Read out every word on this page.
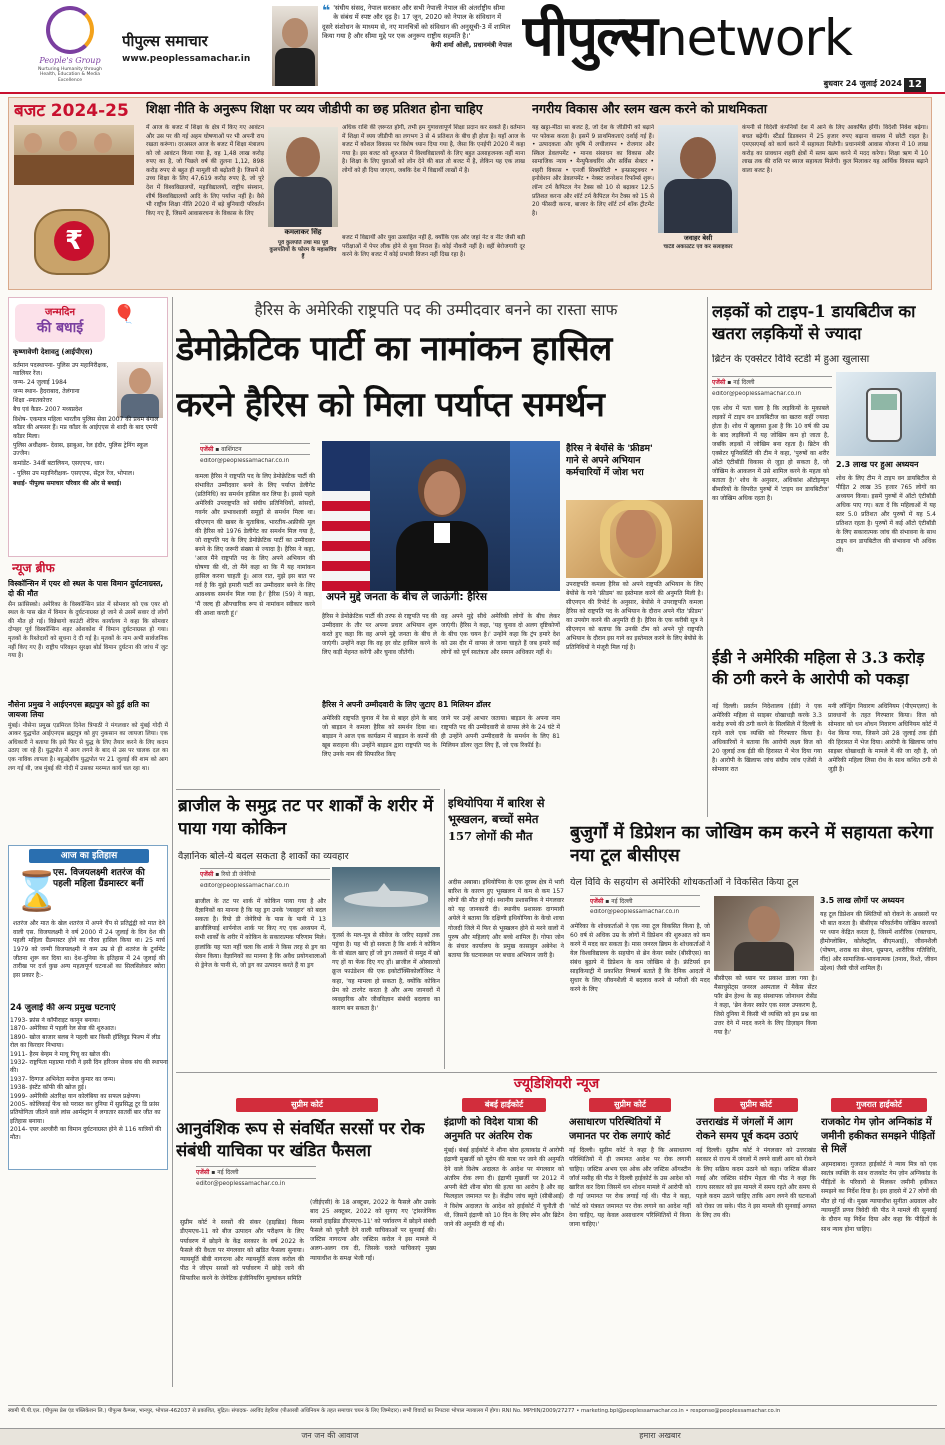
People's Group
Nurturing Humanity through Health, Education & Media Excellence
पीपुल्स समाचार
www.peoplessamachar.in
❝ 'संघीय संसद, नेपाल सरकार और सभी नेपाली नेपाल की अंतर्राष्ट्रीय सीमा के संबंध में स्पष्ट और दृढ़ है। 17 जून, 2020 को नेपाल के संविधान में दूसरे संशोधन के माध्यम से, नए मानचित्रों को संविधान की अनुसूची-3 में शामिल किया गया है और सीमा मुद्दे पर एक अनुरूप राष्ट्रीय सहमति है।'
केपी शर्मा ओली, प्रधानमंत्री नेपाल पीपुल्सnetwork
बुधवार 24 जुलाई 2024 12
बजट 2024-25
₹
शिक्षा नीति के अनुरूप शिक्षा पर व्यय जीडीपी का छह प्रतिशत होना चाहिए
में आज के बजट में शिक्षा के क्षेत्र में किए गए आवंटन और उस पर की गई अहम घोषणाओं पर भी अपनी राय रखता करूंगा। दरअसल आज के बजट में शिक्षा मंत्रालय को जो आवंटन किया गया है, वह 1,48 लाख करोड़ रुपए का है, जो पिछले वर्ष की तुलना 1,12, 898 करोड़ रुपए से बहुत ही मामूली सी बढ़ोतरी है। जिसमें से उच्च शिक्षा के लिए 47,619 करोड़ रुपए है, जो पूरे देश में विश्वविद्यालयों, महाविद्यालयों, राष्ट्रीय संस्थान, शीर्ष विश्वविद्यालयों आदि के लिए पर्याप्त नहीं है। वैसे भी राष्ट्रीय शिक्षा नीति 2020 में बड़े बुनियादी परिवर्तन किए गए हैं, जिसमें आवासरचना के विकास के लिए
कमलाकर सिंह
पूर्व कुलपति तथा मप्र पूर्व कुलपतियों के फोरम के महासचिव हैं
अधिक राशि की ज़रूरत होगी, तभी हम गुणवत्तापूर्ण शिक्षा प्रदान कर सकते हैं। वर्तमान में शिक्षा में व्यय जीडीपी का लगभग 3 से 4 प्रतिशत के बीच ही होता है। यहाँ आज के बजट में कौशल विकास पर विशेष ध्यान दिया गया है, जैसा कि एनईपी 2020 में कहा गया है। इस बजट को शुरुआत में विश्वविद्यालयों के लिए बहुत उत्साहजनक नहीं माना है। शिक्षा के लिए युवाओं को लोन देने की बात तो बजट में है, लेकिन यह एक लाख लोगों को ही दिया जाएगा, जबकि देश में विद्यार्थी लाखों में है।
बजट में विद्यार्थी और युवा उत्साहित नहीं है, क्योंकि एक ओर जहां नेट व नीट जैसी बड़ी परीक्षाओं में पेपर लीक होने से युवा निराश हैं। कोई नौकरी नहीं है। वहीं बेरोजगारी दूर करने के लिए बजट में कोई प्रभावी विजन नहीं दिख रहा है।
नगरीय विकास और स्लम खत्म करने को प्राथमिकता
यह खट्टा-मीठा सा बजट है, जो देश के जीडीपी को बढ़ाने पर फोकस करता है। इसमें 9 प्राथमिकताएं दर्शाई गई हैं। • उत्पादकता और कृषि में लचीलापन • रोजगार और स्किल डेवलपमेंट • मानव संसाधन का विकास और सामाजिक न्याय • मैन्युफैक्चरिंग और सर्विस सेक्टर • शहरी विकास • एनर्जी सिक्योरिटी • इन्फ्रास्ट्रक्चर • इनोवेशन और डेवलपमेंट • नेक्स्ट जनरेशन रिफॉर्म्स शुरू। लॉन्ग टर्म कैपिटल गेन टैक्स को 10 से बढ़ाकर 12.5 प्रतिशत करना और शॉर्ट टर्म कैपिटल गेन टैक्स को 15 से 20 फीसदी करना, बाजार के लिए शॉर्ट टर्म शॉक ट्रीटमेंट है।
जवाहर बेसी
चार्टर्ड अकाउंटेंट एवं कर सलाहकार
कंपनी से विदेशी कंपनियों देश में आने के लिए आकर्षित होंगी। विदेशी निवेश बढ़ेगा। बचत बढ़ेगी। स्टैंडर्ड डिडक्शन में 25 हजार रुपए बढ़ाना वास्तव में छोटी राहत है। एमएसएमई को कार्य करने में सहायता मिलेगी। प्रधानमंत्री आवास योजना में 10 लाख करोड़ का प्रावधान शहरी क्षेत्रों में स्लम खत्म करने में मदद करेगा। शिक्षा ऋण में 10 लाख तक की राशि पर ब्याज सहायता मिलेगी। कुल मिलाकर यह आर्थिक विकास बढ़ाने वाला बजट है।
जन्मदिन
की बधाई
🎈
कृष्णावेणी देशावतु (आईपीएस)
वर्तमान पदस्थापना- पुलिस उप महानिरीक्षक, ग्वालियर रेंज।
जन्म- 24 जुलाई 1984
जन्म स्थान- हैदराबाद, तेलंगाना
शिक्षा -स्नातकोत्तर
बैच एवं कैडर- 2007 मध्यप्रदेश
विशेष- एकमात्र महिला भारतीय पुलिस सेवा 2007 की प्रथम बंगाल कॉडर की अफसर हैं। मप्र कॉडर के आईएएस से शादी के बाद एमपी कॉडर मिला।
पुलिस अधीक्षक- देवास, झाबुआ, रेल इंदौर, पुलिस ट्रेनिंग स्कूल उज्जैन।
कमांडेंट- 34वीं बटालियन, एसएएफ, धार।
- पुलिस उप महानिरीक्षक- एसएएफ, सेंट्रल रेंज, भोपाल।
बधाई- पीपुल्स समाचार परिवार की ओर से बधाई।
न्यूज ब्रीफ
विस्कॉन्सिन में एयर शो स्थल के पास विमान दुर्घटनाग्रस्त, दो की मौत
सैन फ्रांसिस्को। अमेरिका के विस्कॉन्सिन प्रांत में सोमवार को एक एयर शो स्थल के पास खेत में विमान के दुर्घटनाग्रस्त हो जाने से उसमें सवार दो लोगों की मौत हो गई। विन्नेबागो काउंटी शेरिफ कार्यालय ने कहा कि सोमवार दोपहर पूर्व विस्कॉन्सिन शहर ओशकोश में विमान दुर्घटनाग्रस्त हो गया। मृतकों के रिश्तेदारों को सूचना दे दी गई है। मृतकों के नाम अभी सार्वजनिक नहीं किए गए हैं। राष्ट्रीय परिवहन सुरक्षा बोर्ड विमान दुर्घटना की जांच में जुट गया है।
नौसेना प्रमुख ने आईएनएस ब्रह्मपुत्र को हुई क्षति का जायजा लिया
मुंबई। नौसेना प्रमुख एडमिरल दिनेश त्रिपाठी ने मंगलवार को मुंबई गोदी में आकर युद्धपोत आईएनएस ब्रह्मपुत्र को हुए नुकसान का जायजा लिया। एक अधिकारी ने बताया कि इसे फिर से युद्ध के लिए तैयार करने के लिए कदम उठाए जा रहे हैं। युद्धपोत में आग लगने के बाद से उस पर चालक दल का एक नाविक लापता है। बहुउद्देशीय युद्धपोत पर 21 जुलाई की शाम को आग लग गई थी, जब मुंबई की गोदी में उसका मरम्मत कार्य चल रहा था।
आज का इतिहास
⌛
एस. विजयलक्ष्मी शतरंज की पहली महिला ग्रैंडमास्टर बनीं
शतरंज और मात के खेल शतरंज में अपने चैंप से प्रतिद्वंद्वी को मात देने वाली एस. विजयलक्ष्मी ने वर्ष 2000 में 24 जुलाई के दिन देश की पहली महिला ग्रैंडमास्टर होने का गौरव हासिल किया था। 25 मार्च 1979 को जन्मी विजयलक्ष्मी ने कम उम्र से ही शतरंज के टूर्नामेंट जीतना शुरू कर दिया था। देश-दुनिया के इतिहास में 24 जुलाई की तारीख पर दर्ज कुछ अन्य महत्वपूर्ण घटनाओं का सिलसिलेवार ब्योरा इस प्रकार है:-
24 जुलाई की अन्य प्रमुख घटनाएं
1793- फ्रांस ने कॉपीराइट कानून बनाया।
1870- अमेरिका में पहली रेल सेवा की शुरुआत।
1890- खोज बाजार बलब ने पहली बार किसी हॉलिवुड फिल्म में लीड रोल का किरदार निभाया।
1911- हैरम बेन्हम ने माचू पिचू का खोज की।
1932- राष्ट्रपिता महात्मा गांधी ने इसी दिन हरिजन सेवक संघ की स्थापना की।
1937- दिग्गज अभिनेता मनोज कुमार का जन्म।
1938- इंस्टेंट कॉफी की खोज हुई।
1999- अमेरिकी अंतरिक्ष यान कोलंबिया का सफल प्रक्षेपण।
2005- कोलिकाई फेंच को परास्त कर दुनिया में सुप्रसिद्ध टूर डि फ्रांस प्रतियोगिता जीतने वाले लांस आर्मस्ट्रांग ने लगातार सातवीं बार जीत का इतिहास बनाया।
2014- एयर अल्जीरी का विमान दुर्घटनाग्रस्त होने से 116 यात्रियों की मौत।
हैरिस के अमेरिकी राष्ट्रपति पद की उम्मीदवार बनने का रास्ता साफ
डेमोक्रेटिक पार्टी का नामांकन हासिल
करने हैरिस को मिला पर्याप्त समर्थन
एजेंसी ▪ वाशिंगटन
editor@peoplessamachar.co.in
कमला हैरिस ने राष्ट्रपति पद के लिए डेमोक्रेटिक पार्टी की संभावित उम्मीदवार बनने के लिए पर्याप्त डेलीगेट (प्रतिनिधि) का समर्थन हासिल कर लिया है। इससे पहले अमेरिकी उपराष्ट्रपति को संघीय प्रतिनिधियों, सांसदों, गवर्नर और प्रभावशाली समूहों से समर्थन मिला था। सीएनएन की खबर के मुताबिक, भारतीय-अफ्रीकी मूल की हैरिस को 1976 डेलीगेट का समर्थन मिल गया है, जो राष्ट्रपति पद के लिए डेमोक्रेटिक पार्टी का उम्मीदवार बनने के लिए जरूरी संख्या से ज्यादा है। हैरिस ने कहा, 'आज मैंने राष्ट्रपति पद के लिए अपने अभियान की घोषणा की थी, तो मैंने कहा था कि मैं यह नामांकन हासिल करना चाहती हूं। आज रात, मुझे इस बात पर गर्व है कि मुझे हमारी पार्टी का उम्मीदवार बनने के लिए आवश्यक समर्थन मिल गया है।' हैरिस (59) ने कहा, 'मैं जल्द ही औपचारिक रूप से नामांकन स्वीकार करने की आशा करती हूं।'
अपने मुद्दे जनता के बीच ले जाऊंगी: हैरिस
हैरिस ने डेमोक्रेटिक पार्टी की तरफ से राष्ट्रपति पद की उम्मीदवार के तौर पर अपना प्रचार अभियान शुरू करते हुए कहा कि वह अपने मुद्दे जनता के बीच ले जाएंगी। उन्होंने कहा कि वह हर वोट हासिल करने के लिए कड़ी मेहनत करेंगी और चुनाव जीतेंगी।
वह अपने मुद्दे सीधे अमेरिकी लोगों के बीच लेकर जाएंगी। हैरिस ने कहा, 'यह चुनाव दो अलग दृष्टिकोणों के बीच एक चयन है।' उन्होंने कहा कि ट्रंप हमारे देश को उस दौर में वापस ले जाना चाहते हैं जब हमारे कई लोगों को पूर्ण स्वतंत्रता और समान अधिकार नहीं थे।
हैरिस ने अपनी उम्मीदवारी के लिए जुटाए 81 मिलियन डॉलर
अमेरिकी राष्ट्रपति चुनाव में रेस से बाहर होने के बाद जो बाइडन ने कमला हैरिस को समर्थन दिया था। बाइडन ने आज एक कार्यक्रम में बाइडन के कामों की खूब सराहना की। उन्होंने बाइडन द्वारा राष्ट्रपति पद के लिए उनके नाम की सिफारिश किए
जाने पर उन्हें आभार जताया। बाइडन के अपना नाम राष्ट्रपति पद की उम्मीदवारी से वापस लेने के 24 घंटे में ही उन्होंने अपनी उम्मीदवारी के समर्थन के लिए 81 मिलियन डॉलर जुटा लिए हैं, जो एक रिकॉर्ड है।
हैरिस ने बेयोंसे के 'फ्रीडम' गाने से अपने अभियान कर्मचारियों में जोश भरा
उपराष्ट्रपति कमला हैरिस को अपने राष्ट्रपति अभियान के लिए बेयोंसे के गाने 'फ्रीडम' का इस्तेमाल करने की अनुमति मिली है। सीएनएन की रिपोर्ट के अनुसार, बेयोंसे ने उपराष्ट्रपति कमला हैरिस को राष्ट्रपति पद के अभियान के दौरान अपने गीत 'फ्रीडम' का उपयोग करने की अनुमति दी है। हैरिस के एक करीबी सूत्र ने सीएनएन को बताया कि उनकी टीम को अपने पूरे राष्ट्रपति अभियान के दौरान इस गाने का इस्तेमाल करने के लिए बेयोंसे के प्रतिनिधियों ने मंजूरी मिल गई है।
लड़कों को टाइप-1 डायबिटीज का खतरा लड़कियों से ज्यादा
ब्रिटेन के एक्सेटर विवि स्टडी में हुआ खुलासा
एजेंसी ▪ नई दिल्ली
editor@peoplessamachar.co.in
एक शोध में पता चला है कि लड़कियों के मुकाबले लड़कों में टाइप वन डायबिटीज का खतरा कहीं ज्यादा होता है। शोध में खुलासा हुआ है कि 10 वर्ष की उम्र के बाद लड़कियों में यह जोखिम कम हो जाता है, जबकि लड़कों में जोखिम बना रहता है। ब्रिटेन की एक्सेटर यूनिवर्सिटी की टीम ने कहा, 'पुरुषों का शरीर ऑटो एंटीबॉडी विकास से जुड़ा हो सकता है, जो जोखिम के आकलन में उसे शामिल करने के महत्व को बताता है।' शोध के अनुसार, अधिकांश ऑटोइम्यून बीमारियों के विपरीत पुरुषों में 'टाइप वन डायबिटीज' का जोखिम अधिक रहता है।
2.3 लाख पर हुआ अध्ययन
शोध के लिए टीम ने टाइप वन डायबिटीज से पीड़ित 2 लाख 35 हजार 765 लोगों का अध्ययन किया। इसमें पुरुषों में ऑटो एंटीबॉडी अधिक पाए गए। बता दें कि महिलाओं में यह स्तर 5.0 प्रतिशत और पुरुषों में यह 5.4 प्रतिशत रहता है। पुरुषों में कई ऑटो एंटीबॉडी के लिए सकारात्मक जांच की संभावना के साथ टाइप वन डायबिटीज की संभावना भी अधिक थी।
ईडी ने अमेरिकी महिला से 3.3 करोड़ की ठगी करने के आरोपी को पकड़ा
नई दिल्ली। प्रवर्तन निदेशालय (ईडी) ने एक अमेरिकी महिला से साइबर धोखाधड़ी करके 3.3 करोड़ रुपये की ठगी करने के सिलसिले में दिल्ली के रहने वाले एक व्यक्ति को गिरफ्तार किया है। अधिकारियों ने बताया कि आरोपी लक्ष्य विज को 20 जुलाई तक ईडी की हिरासत में भेज दिया गया है। आरोपी के खिलाफ जांच संघीय जांच एजेंसी ने सोमवार रात
मनी लॉन्ड्रिंग निवारण अधिनियम (पीएमएलए) के प्रावधानों के तहत गिरफ्तार किया। विज को सोमवार को धन शोधन निवारण अधिनियम कोर्ट में पेश किया गया, जिसने उसे 28 जुलाई तक ईडी की हिरासत में भेज दिया। आरोपी के खिलाफ जांच साइबर धोखाधड़ी के मामले में की जा रही है, जो अमेरिकी महिला लिसा रोथ के साथ कथित ठगी से जुड़ी है।
ब्राजील के समुद्र तट पर शार्कों के शरीर में पाया गया कोकिन
वैज्ञानिक बोले-ये बदल सकता है शार्कों का व्यवहार
एजेंसी ▪ रियो डी जेनेरियो
editor@peoplessamachar.co.in
ब्राजील के तट पर शार्क में कोकिन पाया गया है और वैज्ञानिकों का मानना है कि यह ड्रग उनके 'व्यवहार' को बदल सकता है। रियो डी जेनेरियो के पास के पानी में 13 ब्राजीलियाई शार्पनोज शार्क पर किए गए एक अध्ययन में, सभी शार्कों के शरीर में कोकिन के सकारात्मक परिणाम मिले। हालांकि यह पता नहीं चला कि शार्क ने किस तरह से ड्रग का सेवन किया। वैज्ञानिकों का मानना है कि अवैध प्रयोगशालाओं से ड्रेनेज के पानी से, जो ड्रग का उत्पादन करते हैं या ड्रग
यूजर्स के मल-मूत्र से सीवेज के जरिए सड़कों तक पहुंचा है। यह भी हो सकता है कि शार्क ने कोकिन के वो बंडल खाए हों जो ड्रग तस्करों से समुद्र में खो गए हों या फेंक दिए गए हों। ब्राजील में ओस्वाल्डो क्रूज फाउंडेशन की एक इकोटॉक्सिकोलॉजिस्ट ने कहा, 'यह मामला हो सकता है, क्योंकि कोकिन प्रेम को टारगेट करता है और अन्य जानवरों में व्यवहारिक और जीवविज्ञान संबंधी बदलाव का कारण बन सकता है।'
इथियोपिया में बारिश से भूस्खलन, बच्चों समेत 157 लोगों की मौत
अदीस अबाबा। इथियोपिया के एक दूरस्थ क्षेत्र में भारी बारिश के कारण हुए भूस्खलन में कम से कम 157 लोगों की मौत हो गई। स्थानीय प्रशासनिक ने मंगलवार को यह जानकारी दी। स्थानीय प्रशासक दागमावी अयेले ने बताया कि दक्षिणी इथियोपिया के केंचो शाचा गोजदी जिले में फिर से भूस्खलन होने से मरने वालों में पुरुष और महिलाएं और बच्चे शामिल हैं। गोफा जोन के संचार कार्यालय के प्रमुख कासाहुन अबेनेश ने बताया कि घटनास्थल पर बचाव अभियान जारी है।
बुजुर्गों में डिप्रेशन का जोखिम कम करने में सहायता करेगा नया टूल बीसीएस
येल विवि के सहयोग से अमेरिकी शोधकर्ताओं ने विकसित किया टूल
एजेंसी ▪ नई दिल्ली
editor@peoplessamachar.co.in
अमेरिका के शोधकर्ताओं ने एक नया टूल विकसित किया है, जो 60 वर्ष से अधिक उम्र के लोगों में डिप्रेशन की शुरुआत को कम करने में मदद कर सकता है। मास जनरल ब्रिघम के शोधकर्ताओं ने येल विश्वविद्यालय के सहयोग से ब्रेन केयर स्कोर (बीसीएस) का संबंध बुढ़ापे में डिप्रेशन के कम जोखिम से है। फ्रंटियर्स इन साइकियाट्री में प्रकाशित निष्कर्ष बताते हैं कि दैनिक आदतों में सुधार के लिए जीवनशैली में बदलाव करने से मरीजों की मदद करने के लिए
बीसीएस को ध्यान पर प्रकाश डाला गया है। मैसाचुसेट्स जनरल अस्पताल में मैकेंस सेंटर फॉर ब्रेन हेल्थ के सह संस्थापक जोनाथन रोसेंड ने कहा, 'ब्रेन केयर स्कोर एक सरल उपकरण है, जिसे दुनिया में किसी भी व्यक्ति को हम प्रश्न का उत्तर देने में मदद करने के लिए डिज़ाइन किया गया है।'
3.5 लाख लोगों पर अध्ययन
यह टूल डिप्रेशन की स्थितियों को रोकने के अवसरों पर भी बात करता है। बीसीएस परिवर्तनीय जोखिम कारकों पर ध्यान केंद्रित करता है, जिसमें शारीरिक (रक्तचाप, हीमोग्लोबिन, कोलेस्ट्रॉल, बीएमआई), जीवनशैली (पोषण, शराब का सेवन, धूम्रपान, शारीरिक गतिविधि, नींद) और सामाजिक-भावनात्मक (तनाव, रिश्ते, जीवन उद्देश्य) जैसी चीजें शामिल हैं।
ज्यूडिशियरी न्यूज
सुप्रीम कोर्ट
आनुवंशिक रूप से संवर्धित सरसों पर रोक संबंधी याचिका पर खंडित फैसला
एजेंसी ▪ नई दिल्ली
editor@peoplessamachar.co.in
सुप्रीम कोर्ट ने सरसों की संकर (हाइब्रिड) किस्म डीएमएच-11 को बीज उत्पादन और परीक्षण के लिए पर्यावरण में छोड़ने के केंद्र सरकार के वर्ष 2022 के फैसले की वैधता पर मंगलवार को खंडित फैसला सुनाया। न्यायमूर्ति बीवी नागरत्ना और न्यायमूर्ति संजय करोल की पीठ ने जीएम सरसों को पर्यावरण में छोड़े जाने की सिफारिश करने के जेनेटिक इंजीनियरिंग मूल्यांकन समिति
(जीईएसी) के 18 अक्टूबर, 2022 के फैसले और उसके बाद 25 अक्टूबर, 2022 को सुनाए गए 'ट्रांसजेनिक सरसों हाइब्रिड डीएमएच-11' को पर्यावरण में छोड़ने संबंधी फैसले को चुनौती देने वाली याचिकाओं पर सुनवाई की। जस्टिस नागरत्ना और जस्टिस करोल ने इस मामले में अलग-अलग राय दी, जिसके चलते याचिकाएं मुख्य न्यायाधीश के समक्ष भेजी गईं।
बंबई हाईकोर्ट
इंद्राणी को विदेश यात्रा की अनुमति पर अंतरिम रोक
मुंबई। बंबई हाईकोर्ट ने शीना बोरा हत्याकांड में आरोपी इंद्राणी मुखर्जी को यूरोप की यात्रा पर जाने की अनुमति देने वाले विशेष अदालत के आदेश पर मंगलवार को अंतरिम रोक लगा दी। इंद्राणी मुखर्जी पर 2012 में अपनी बेटी शीना बोरा की हत्या का आरोप है और वह फिलहाल जमानत पर है। केंद्रीय जांच ब्यूरो (सीबीआई) ने विशेष अदालत के आदेश को हाईकोर्ट में चुनौती दी थी, जिसमें इंद्राणी को 10 दिन के लिए स्पेन और ब्रिटेन जाने की अनुमति दी गई थी।
सुप्रीम कोर्ट
असाधारण परिस्थितियों में जमानत पर रोक लगाएं कोर्ट
नई दिल्ली। सुप्रीम कोर्ट ने कहा है कि असाधारण परिस्थितियों में ही जमानत आदेश पर रोक लगानी चाहिए। जस्टिस अभय एस ओक और जस्टिस ऑगस्टीन जॉर्ज मसीह की पीठ ने दिल्ली हाईकोर्ट के उस आदेश को खारिज कर दिया जिसमें धन शोधन मामले में आरोपी को दी गई जमानत पर रोक लगाई गई थी। पीठ ने कहा, 'कोर्ट को यंत्रवत जमानत पर रोक लगाने का आदेश नहीं देना चाहिए, यह केवल असाधारण परिस्थितियों में किया जाना चाहिए।'
सुप्रीम कोर्ट
उत्तराखंड में जंगलों में आग रोकने समय पूर्व कदम उठाएं
नई दिल्ली। सुप्रीम कोर्ट ने मंगलवार को उत्तराखंड सरकार से राज्य में जंगलों में लगने वाली आग को रोकने के लिए सक्रिय कदम उठाने को कहा। जस्टिस बीआर गवई और जस्टिस संदीप मेहता की पीठ ने कहा कि राज्य सरकार को इस मामले में समय रहते और समय से पहले कदम उठाने चाहिए ताकि आग लगने की घटनाओं को रोका जा सके। पीठ ने इस मामले की सुनवाई अगस्त के लिए तय की।
गुजरात हाईकोर्ट
राजकोट गेम ज़ोन अग्निकांड में जमीनी हकीकत समझने पीड़ितों से मिलें
अहमदाबाद। गुजरात हाईकोर्ट ने न्याय मित्र को एक स्वतंत्र व्यक्ति के साथ राजकोट गेम ज़ोन अग्निकांड के पीड़ितों के परिवारों से मिलकर जमीनी हकीकत समझने का निर्देश दिया है। इस हादसे में 27 लोगों की मौत हो गई थी। मुख्य न्यायाधीश सुनीता अग्रवाल और न्यायमूर्ति प्रणव त्रिवेदी की पीठ ने मामले की सुनवाई के दौरान यह निर्देश दिया और कहा कि पीड़ितों के साथ न्याय होना चाहिए।
स्वामी पी.पी.एल. (पीपुल्स प्रेस एंड पब्लिकेशन लि.) पीपुल्स कैम्पस, भानपुर, भोपाल-462037 से प्रकाशित, मुद्रित। संपादक- अरविंद डेहरिया (पीआरबी अधिनियम के तहत समाचार चयन के लिए जिम्मेदार)। सभी विवादों का निपटारा भोपाल न्यायालय में होगा। RNI No. MPHIN/2009/27277 • marketing.bpl@peoplessamachar.co.in • response@peoplessamachar.co.in
जन जन की आवाज	हमारा अखबार
